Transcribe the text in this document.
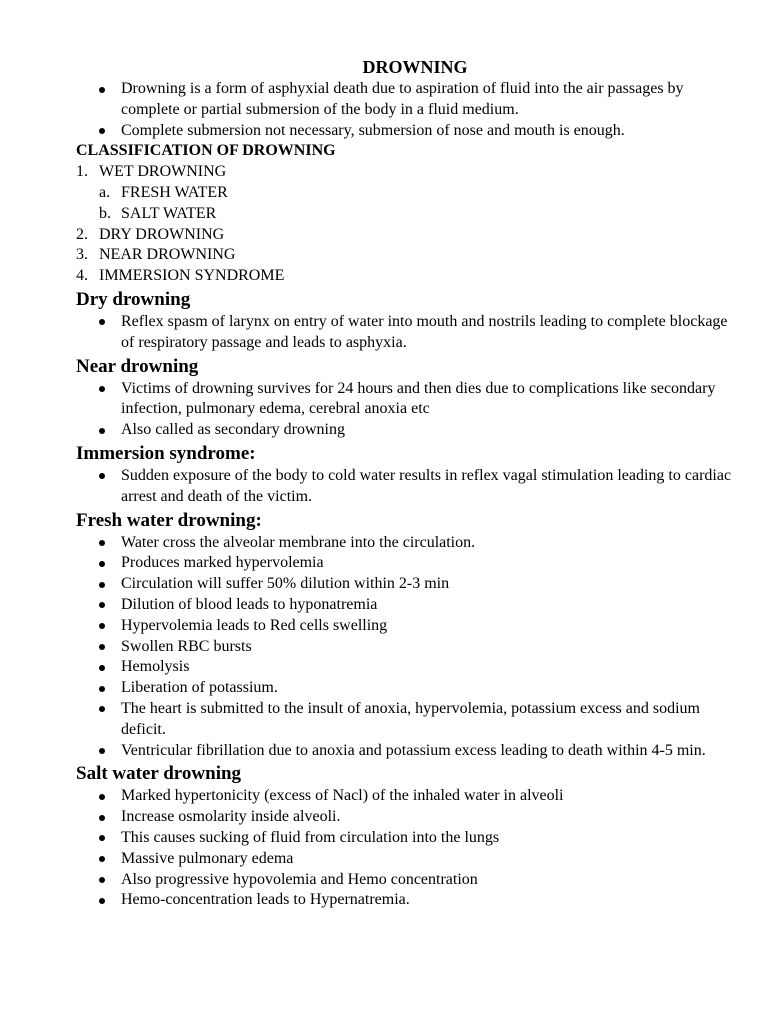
DROWNING
Drowning is a form of asphyxial death due to aspiration of fluid into the air passages by complete or partial submersion of the body in a fluid medium.
Complete submersion not necessary, submersion of nose and mouth is enough.
CLASSIFICATION OF DROWNING
1. WET DROWNING
a. FRESH WATER
b. SALT WATER
2. DRY DROWNING
3. NEAR DROWNING
4. IMMERSION SYNDROME
Dry drowning
Reflex spasm of larynx on entry of water into mouth and nostrils leading to complete blockage of respiratory passage and leads to asphyxia.
Near drowning
Victims of drowning survives for 24 hours and then dies due to complications like secondary infection, pulmonary edema, cerebral anoxia etc
Also called as secondary drowning
Immersion syndrome:
Sudden exposure of the body to cold water results in reflex vagal stimulation leading to cardiac arrest and death of the victim.
Fresh water drowning:
Water cross the alveolar membrane into the circulation.
Produces marked hypervolemia
Circulation will suffer 50% dilution within 2-3 min
Dilution of blood leads to hyponatremia
Hypervolemia leads to Red cells swelling
Swollen RBC bursts
Hemolysis
Liberation of potassium.
The heart is submitted to the insult of anoxia, hypervolemia, potassium excess and sodium deficit.
Ventricular fibrillation due to anoxia and potassium excess leading to death within 4-5 min.
Salt water drowning
Marked hypertonicity (excess of Nacl) of the inhaled water in alveoli
Increase osmolarity inside alveoli.
This causes sucking of fluid from circulation into the lungs
Massive pulmonary edema
Also progressive hypovolemia and Hemo concentration
Hemo-concentration leads to Hypernatremia.
